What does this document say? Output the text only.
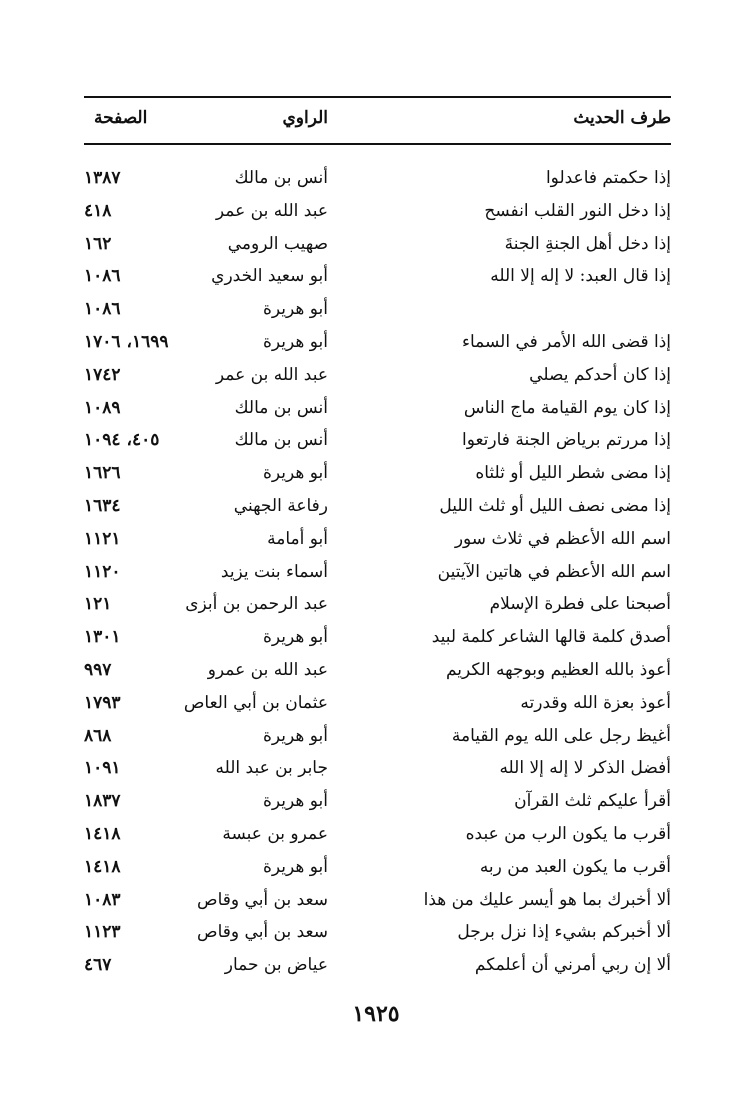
طرف الحديث
الراوي
الصفحة
إذا حكمتم فاعدلوا
أنس بن مالك
١٣٨٧
إذا دخل النور القلب انفسح
عبد الله بن عمر
٤١٨
إذا دخل أهل الجنةِ الجنةَ
صهيب الرومي
١٦٢
إذا قال العبد: لا إله إلا الله
أبو سعيد الخدري
١٠٨٦
أبو هريرة
١٠٨٦
إذا قضى الله الأمر في السماء
أبو هريرة
١٦٩٩، ١٧٠٦
إذا كان أحدكم يصلي
عبد الله بن عمر
١٧٤٢
إذا كان يوم القيامة ماج الناس
أنس بن مالك
١٠٨٩
إذا مررتم برياض الجنة فارتعوا
أنس بن مالك
٤٠٥، ١٠٩٤
إذا مضى شطر الليل أو ثلثاه
أبو هريرة
١٦٢٦
إذا مضى نصف الليل أو ثلث الليل
رفاعة الجهني
١٦٣٤
اسم الله الأعظم في ثلاث سور
أبو أمامة
١١٢١
اسم الله الأعظم في هاتين الآيتين
أسماء بنت يزيد
١١٢٠
أصبحنا على فطرة الإسلام
عبد الرحمن بن أبزى
١٢١
أصدق كلمة قالها الشاعر كلمة لبيد
أبو هريرة
١٣٠١
أعوذ بالله العظيم وبوجهه الكريم
عبد الله بن عمرو
٩٩٧
أعوذ بعزة الله وقدرته
عثمان بن أبي العاص
١٧٩٣
أغيظ رجل على الله يوم القيامة
أبو هريرة
٨٦٨
أفضل الذكر لا إله إلا الله
جابر بن عبد الله
١٠٩١
أقرأ عليكم ثلث القرآن
أبو هريرة
١٨٣٧
أقرب ما يكون الرب من عبده
عمرو بن عبسة
١٤١٨
أقرب ما يكون العبد من ربه
أبو هريرة
١٤١٨
ألا أخبرك بما هو أيسر عليك من هذا
سعد بن أبي وقاص
١٠٨٣
ألا أخبركم بشيء إذا نزل برجل
سعد بن أبي وقاص
١١٢٣
ألا إن ربي أمرني أن أعلمكم
عياض بن حمار
٤٦٧
١٩٢٥
